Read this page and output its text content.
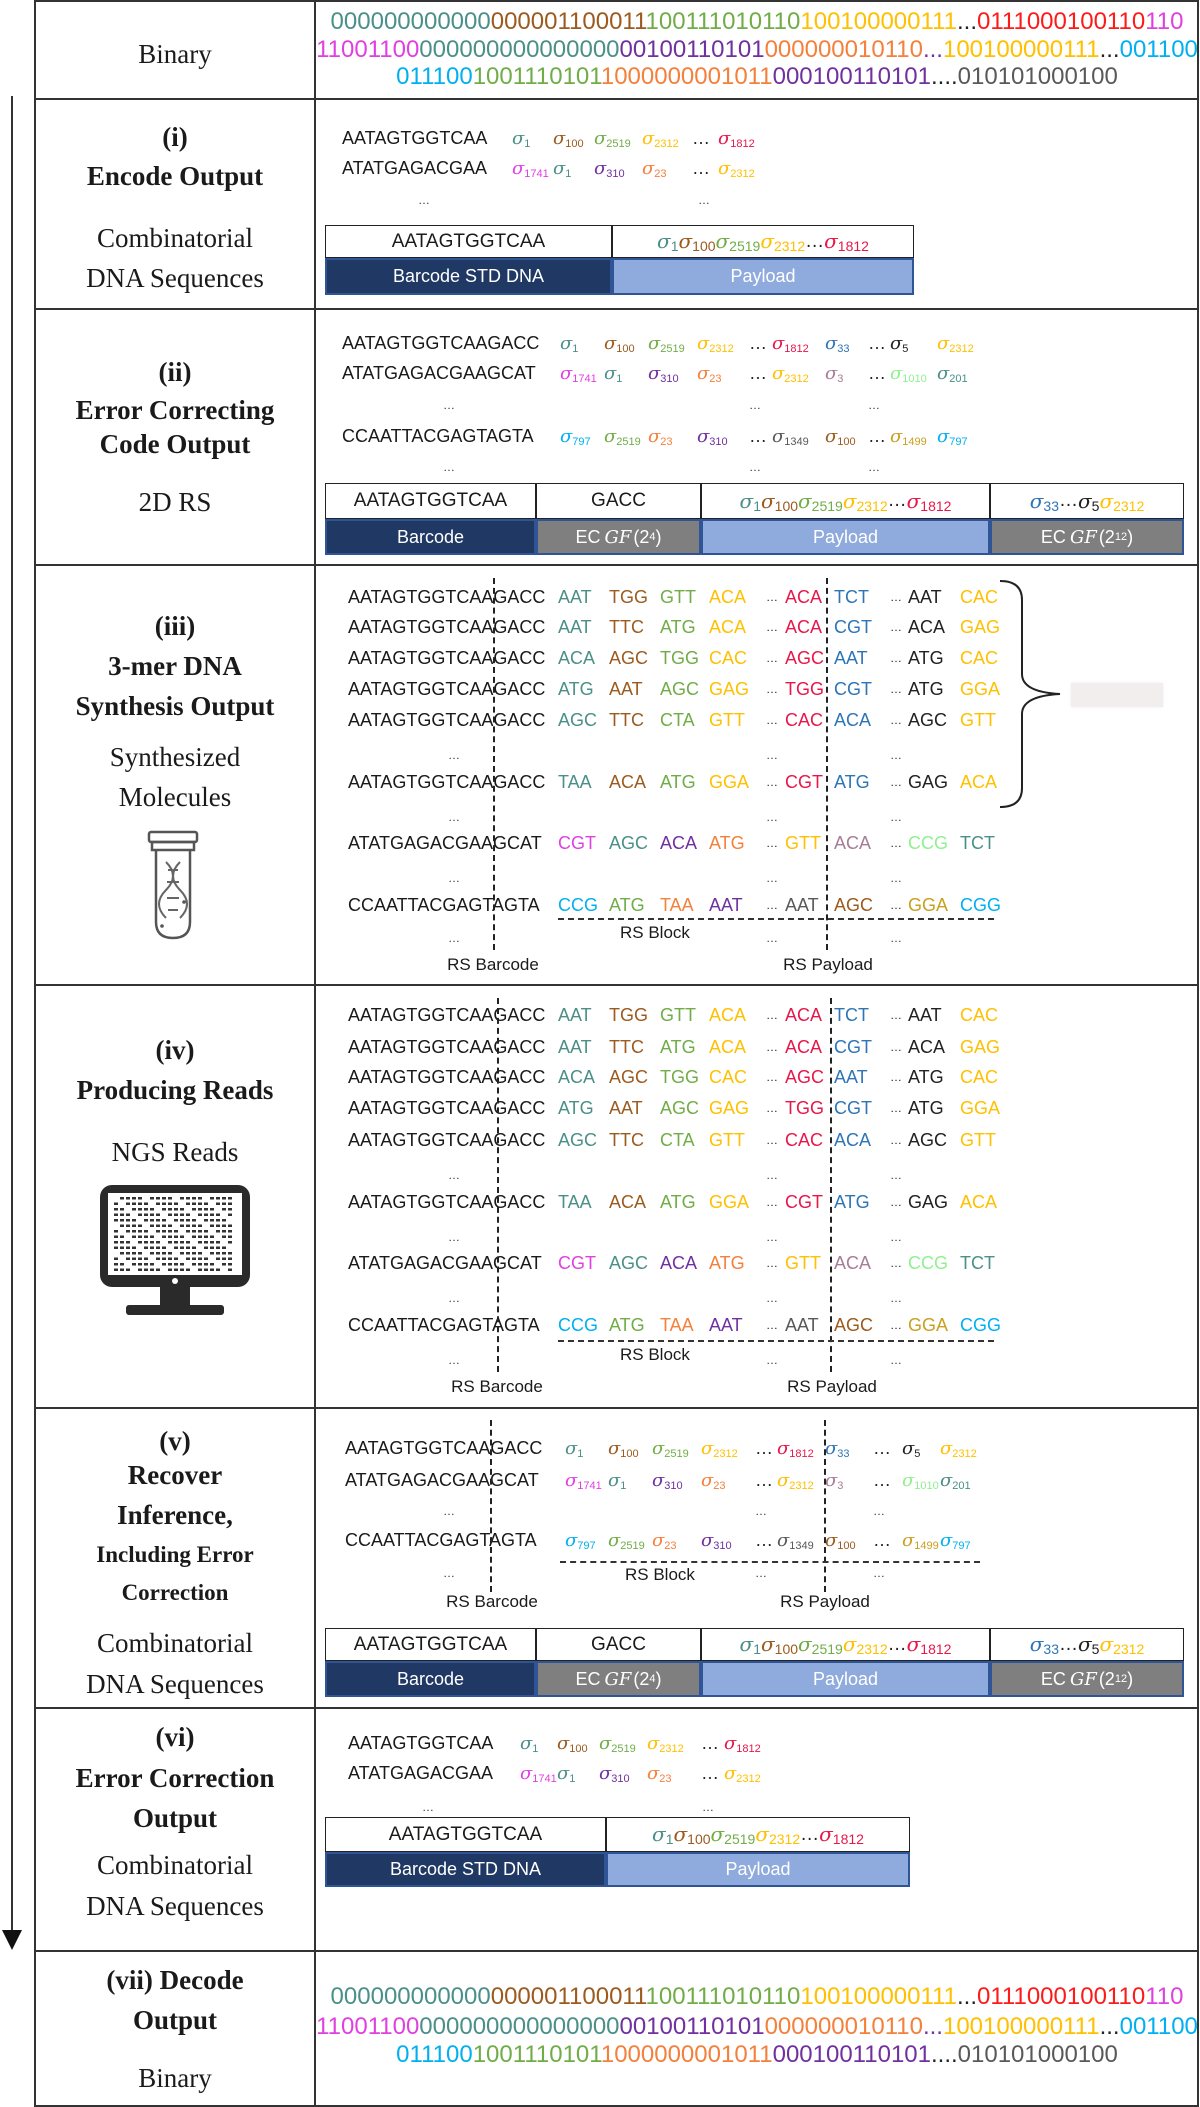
Binary
000000000000000001100011100111010110100100000111...0111000100110110
1100110000000000000000000100110101000000010110...100100000111...001100
01110010011101011000000001011000100110101....010101000100
(i)
Encode Output
Combinatorial
DNA Sequences
AATAGTGGTCAA $\sigma_1$ $\sigma_{100}$ $\sigma_{2519}$ $\sigma_{2312}$ … $\sigma_{1812}$
ATATGAGACGAA $\sigma_{1741}$ $\sigma_1$ $\sigma_{310}$ $\sigma_{23}$ … $\sigma_{2312}$
…	…
AATAGTGGTCAA	$\sigma_1$ $\sigma_{100}$ $\sigma_{2519}$ $\sigma_{2312}$ … $\sigma_{1812}$
Barcode STD DNA	Payload
(ii)
Error Correcting
Code Output
2D RS
AATAGTGGTCAAGACC $\sigma_1$ $\sigma_{100}$ $\sigma_{2519}$ $\sigma_{2312}$ … $\sigma_{1812}$ $\sigma_{33}$ … $\sigma_5$ $\sigma_{2312}$
ATATGAGACGAAGCAT $\sigma_{1741}$ $\sigma_1$ $\sigma_{310}$ $\sigma_{23}$ … $\sigma_{2312}$ $\sigma_3$ … $\sigma_{1010}$ $\sigma_{201}$
…	…	…
CCAATTACGAGTAGTA $\sigma_{797}$ $\sigma_{2519}$ $\sigma_{23}$ $\sigma_{310}$ … $\sigma_{1349}$ $\sigma_{100}$ … $\sigma_{1499}$ $\sigma_{797}$
…	…	…
AATAGTGGTCAA	GACC	$\sigma_1$ $\sigma_{100}$ $\sigma_{2519}$ $\sigma_{2312}$ … $\sigma_{1812}$	$\sigma_{33}$ … $\sigma_5$ $\sigma_{2312}$
Barcode	EC GF (2 4 )	Payload	EC GF (2 12 )
(iii)
3-mer DNA
Synthesis Output
Synthesized
Molecules
AATAGTGGTCAAGACC AAT TGG GTT ACA … ACA TCT … AAT CAC
AATAGTGGTCAAGACC AAT TTC ATG ACA … ACA CGT … ACA GAG
AATAGTGGTCAAGACC ACA AGC TGG CAC … AGC AAT … ATG CAC
AATAGTGGTCAAGACC ATG AAT AGC GAG … TGG CGT … ATG GGA
AATAGTGGTCAAGACC AGC TTC CTA GTT … CAC ACA … AGC GTT
…	…	…
AATAGTGGTCAAGACC TAA ACA ATG GGA … CGT ATG … GAG ACA
…	…	…
ATATGAGACGAAGCAT CGT AGC ACA ATG … GTT ACA … CCG TCT
…	…	…
CCAATTACGAGTAGTA CCG ATG TAA AAT … AAT AGC … GGA CGG
…	…	…
RS Block
RS Barcode	RS Payload
(iv)
Producing Reads
NGS Reads
AATAGTGGTCAAGACC AAT TGG GTT ACA … ACA TCT … AAT CAC
AATAGTGGTCAAGACC AAT TTC ATG ACA … ACA CGT … ACA GAG
AATAGTGGTCAAGACC ACA AGC TGG CAC … AGC AAT … ATG CAC
AATAGTGGTCAAGACC ATG AAT AGC GAG … TGG CGT … ATG GGA
AATAGTGGTCAAGACC AGC TTC CTA GTT … CAC ACA … AGC GTT
…	…	…
AATAGTGGTCAAGACC TAA ACA ATG GGA … CGT ATG … GAG ACA
…	…	…
ATATGAGACGAAGCAT CGT AGC ACA ATG … GTT ACA … CCG TCT
…	…	…
CCAATTACGAGTAGTA CCG ATG TAA AAT … AAT AGC … GGA CGG
…	…	…
RS Block
RS Barcode	RS Payload
(v)
Recover
Inference,
Including Error
Correction
Combinatorial
DNA Sequences
AATAGTGGTCAAGACC $\sigma_1$ $\sigma_{100}$ $\sigma_{2519}$ $\sigma_{2312}$ … $\sigma_{1812}$ $\sigma_{33}$ … $\sigma_5$ $\sigma_{2312}$
ATATGAGACGAAGCAT $\sigma_{1741}$ $\sigma_1$ $\sigma_{310}$ $\sigma_{23}$ … $\sigma_{2312}$ $\sigma_3$ … $\sigma_{1010}$ $\sigma_{201}$
…	…	…
CCAATTACGAGTAGTA $\sigma_{797}$ $\sigma_{2519}$ $\sigma_{23}$ $\sigma_{310}$ … $\sigma_{1349}$ $\sigma_{100}$ … $\sigma_{1499}$ $\sigma_{797}$
…	…	…
RS Block
RS Barcode	RS Payload
AATAGTGGTCAA	GACC	$\sigma_1$ $\sigma_{100}$ $\sigma_{2519}$ $\sigma_{2312}$ … $\sigma_{1812}$	$\sigma_{33}$ … $\sigma_5$ $\sigma_{2312}$
Barcode	EC GF (2 4 )	Payload	EC GF (2 12 )
(vi)
Error Correction
Output
Combinatorial
DNA Sequences
AATAGTGGTCAA $\sigma_1$ $\sigma_{100}$ $\sigma_{2519}$ $\sigma_{2312}$ … $\sigma_{1812}$
ATATGAGACGAA $\sigma_{1741}$ $\sigma_1$ $\sigma_{310}$ $\sigma_{23}$ … $\sigma_{2312}$
…	…
AATAGTGGTCAA	$\sigma_1$ $\sigma_{100}$ $\sigma_{2519}$ $\sigma_{2312}$ … $\sigma_{1812}$
Barcode STD DNA	Payload
(vii) Decode
Output
Binary
000000000000000001100011100111010110100100000111...0111000100110110
1100110000000000000000000100110101000000010110...100100000111...001100
01110010011101011000000001011000100110101....010101000100
